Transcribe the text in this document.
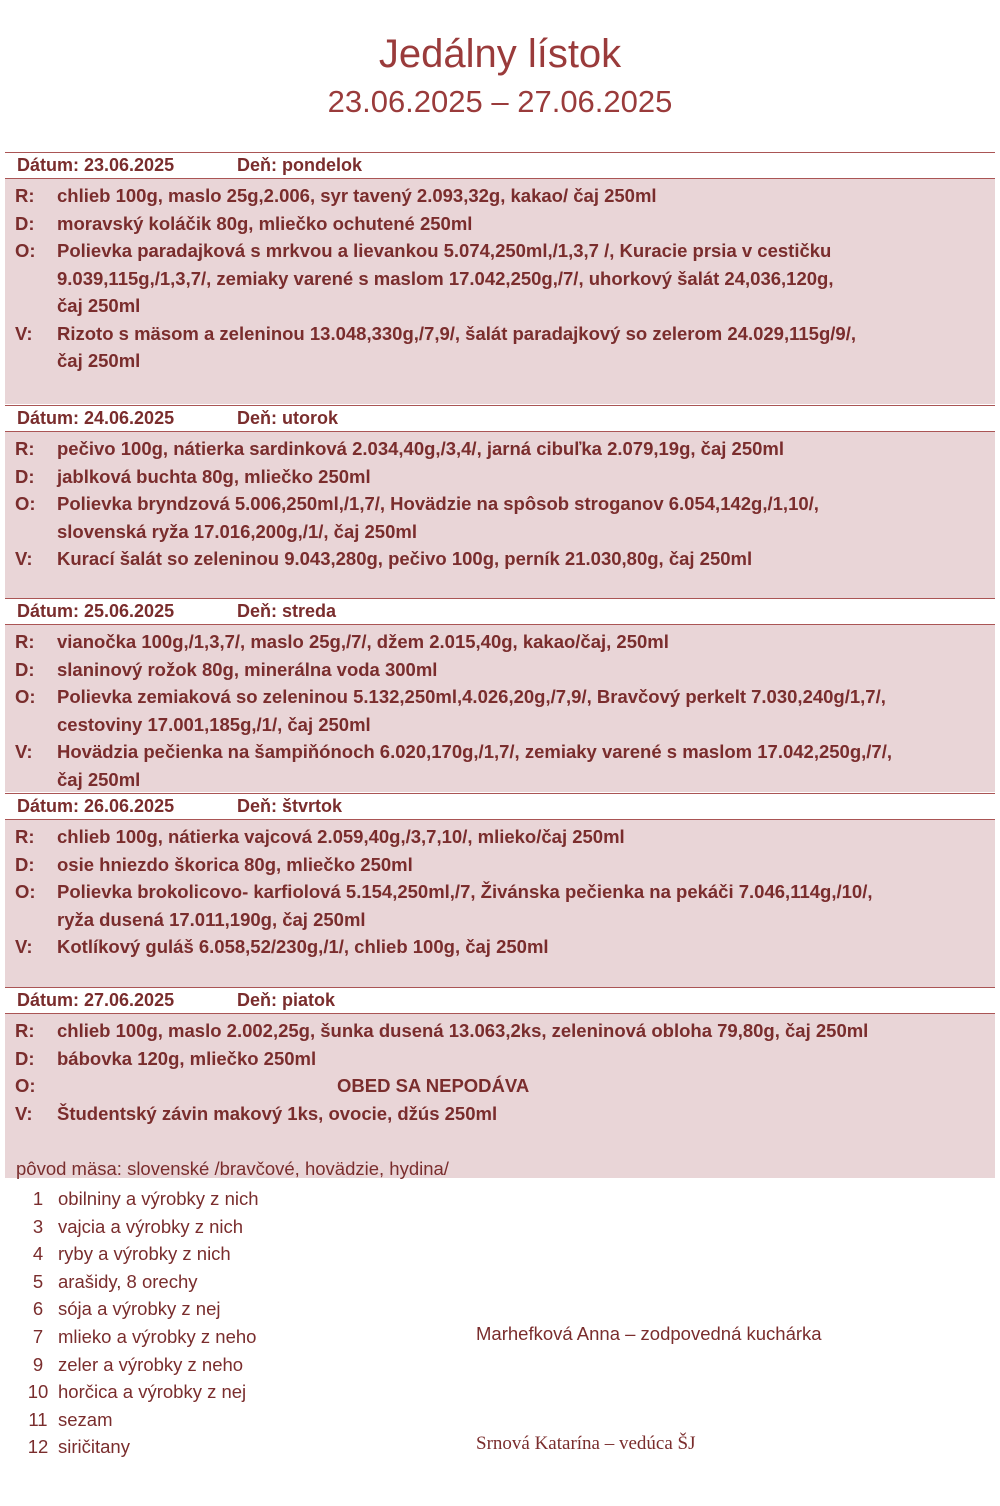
Jedálny lístok
23.06.2025 – 27.06.2025
Dátum: 23.06.2025	Deň: pondelok
R:	chlieb 100g, maslo 25g,2.006, syr tavený 2.093,32g, kakao/ čaj 250ml
D:	moravský koláčik 80g, mliečko ochutené 250ml
O:	Polievka paradajková s mrkvou a lievankou 5.074,250ml,/1,3,7 /, Kuracie prsia v cestičku
9.039,115g,/1,3,7/, zemiaky varené s maslom 17.042,250g,/7/, uhorkový šalát 24,036,120g,
čaj 250ml
V:	Rizoto s mäsom a zeleninou 13.048,330g,/7,9/, šalát paradajkový so zelerom 24.029,115g/9/,
čaj 250ml
Dátum: 24.06.2025	Deň: utorok
R:	pečivo 100g, nátierka sardinková 2.034,40g,/3,4/, jarná cibuľka 2.079,19g, čaj 250ml
D:	jablková buchta 80g, mliečko 250ml
O:	Polievka bryndzová 5.006,250ml,/1,7/, Hovädzie na spôsob stroganov 6.054,142g,/1,10/,
slovenská ryža 17.016,200g,/1/, čaj 250ml
V:	Kurací šalát so zeleninou 9.043,280g, pečivo 100g, perník 21.030,80g, čaj 250ml
Dátum: 25.06.2025	Deň: streda
R:	vianočka 100g,/1,3,7/, maslo 25g,/7/, džem 2.015,40g, kakao/čaj, 250ml
D:	slaninový rožok 80g, minerálna voda 300ml
O:	Polievka zemiaková so zeleninou 5.132,250ml,4.026,20g,/7,9/, Bravčový perkelt 7.030,240g/1,7/,
cestoviny 17.001,185g,/1/, čaj 250ml
V:	Hovädzia pečienka na šampiňónoch 6.020,170g,/1,7/, zemiaky varené s maslom 17.042,250g,/7/,
čaj 250ml
Dátum: 26.06.2025	Deň: štvrtok
R:	chlieb 100g, nátierka vajcová 2.059,40g,/3,7,10/, mlieko/čaj 250ml
D:	osie hniezdo škorica 80g, mliečko 250ml
O:	Polievka brokolicovo- karfiolová 5.154,250ml,/7, Živánska pečienka na pekáči 7.046,114g,/10/,
ryža dusená 17.011,190g, čaj 250ml
V:	Kotlíkový guláš 6.058,52/230g,/1/, chlieb 100g, čaj 250ml
Dátum: 27.06.2025	Deň: piatok
R:	chlieb 100g, maslo 2.002,25g, šunka dusená 13.063,2ks, zeleninová obloha 79,80g, čaj 250ml
D:	bábovka 120g, mliečko 250ml
O:	OBED SA NEPODÁVA
V:	Študentský závin makový 1ks, ovocie, džús 250ml
pôvod mäsa: slovenské /bravčové, hovädzie, hydina/
1 obilniny a výrobky z nich
3 vajcia a výrobky z nich
4 ryby a výrobky z nich
5 arašidy, 8 orechy
6 sója a výrobky z nej
7 mlieko a výrobky z neho
9 zeler a výrobky z neho
10 horčica a výrobky z nej
11 sezam
12 siričitany
Marhefková Anna – zodpovedná kuchárka
Srnová Katarína – vedúca ŠJ
